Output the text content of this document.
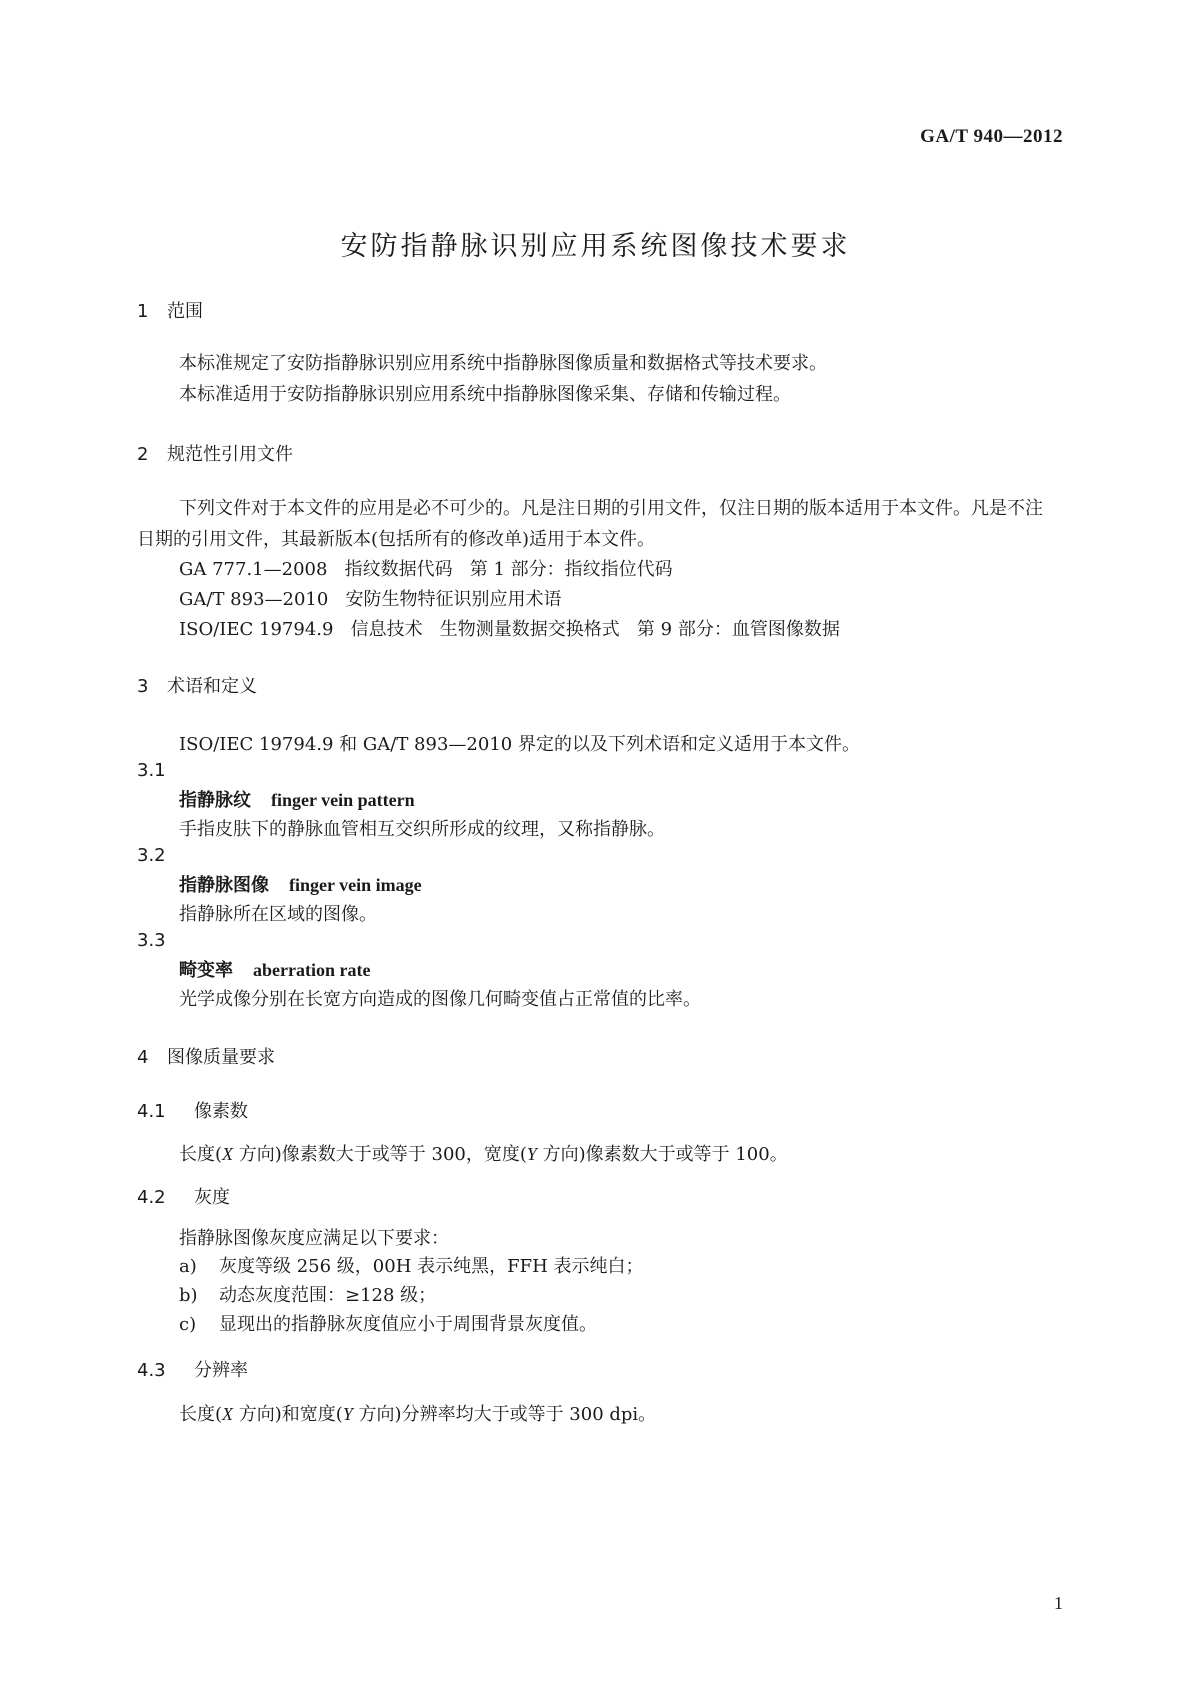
GA/T 940—2012
安防指静脉识别应用系统图像技术要求
1 范围
本标准规定了安防指静脉识别应用系统中指静脉图像质量和数据格式等技术要求。
本标准适用于安防指静脉识别应用系统中指静脉图像采集、存储和传输过程。
2 规范性引用文件
下列文件对于本文件的应用是必不可少的。凡是注日期的引用文件，仅注日期的版本适用于本文件。凡是不注日期的引用文件，其最新版本(包括所有的修改单)适用于本文件。
GA 777.1—2008   指纹数据代码   第 1 部分：指纹指位代码
GA/T 893—2010   安防生物特征识别应用术语
ISO/IEC 19794.9   信息技术   生物测量数据交换格式   第 9 部分：血管图像数据
3 术语和定义
ISO/IEC 19794.9 和 GA/T 893—2010 界定的以及下列术语和定义适用于本文件。
3.1
指静脉纹 finger vein pattern
手指皮肤下的静脉血管相互交织所形成的纹理，又称指静脉。
3.2
指静脉图像 finger vein image
指静脉所在区域的图像。
3.3
畸变率 aberration rate
光学成像分别在长宽方向造成的图像几何畸变值占正常值的比率。
4 图像质量要求
4.1 像素数
长度(X 方向)像素数大于或等于 300，宽度(Y 方向)像素数大于或等于 100。
4.2 灰度
指静脉图像灰度应满足以下要求：
a) 灰度等级 256 级，00H 表示纯黑，FFH 表示纯白；
b) 动态灰度范围：≥128 级；
c) 显现出的指静脉灰度值应小于周围背景灰度值。
4.3 分辨率
长度(X 方向)和宽度(Y 方向)分辨率均大于或等于 300 dpi。
1
